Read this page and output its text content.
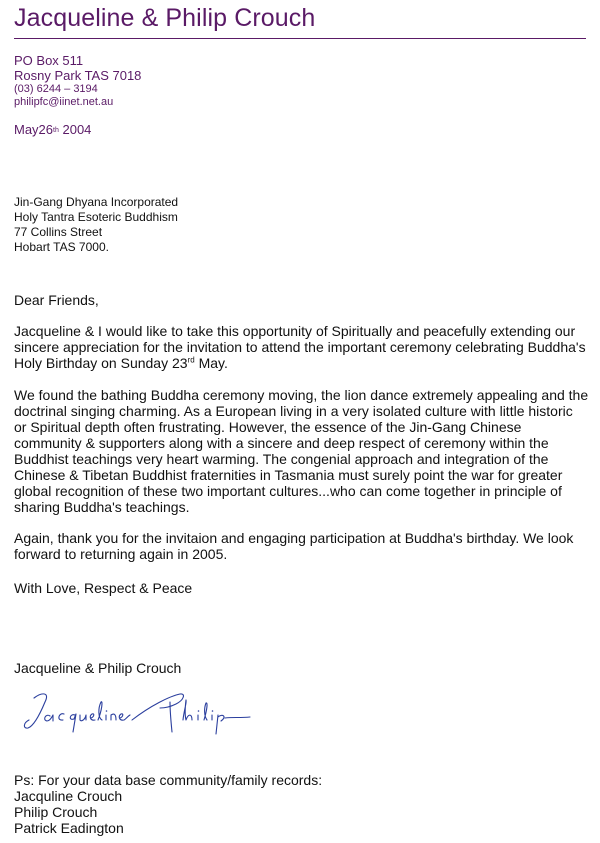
Jacqueline & Philip Crouch
PO Box 511
Rosny Park TAS 7018
(03) 6244 – 3194
philipfc@iinet.net.au
May26th 2004
Jin-Gang Dhyana Incorporated
Holy Tantra Esoteric Buddhism
77 Collins Street
Hobart TAS 7000.
Dear Friends,

Jacqueline & I would like to take this opportunity of Spiritually and peacefully extending our sincere appreciation for the invitation to attend the important ceremony celebrating Buddha's Holy Birthday on Sunday 23rd May.

We found the bathing Buddha ceremony moving, the lion dance extremely appealing and the doctrinal singing charming. As a European living in a very isolated culture with little historic or Spiritual depth often frustrating. However, the essence of the Jin-Gang Chinese community & supporters along with a sincere and deep respect of ceremony within the Buddhist teachings very heart warming. The congenial approach and integration of the Chinese & Tibetan Buddhist fraternities in Tasmania must surely point the war for greater global recognition of these two important cultures...who can come together in principle of sharing Buddha's teachings.
Again, thank you for the invitaion and engaging participation at Buddha's birthday. We look forward to returning again in 2005.
With Love, Respect & Peace
Jacqueline & Philip Crouch
Ps: For your data base community/family records:
Jacquline Crouch
Philip Crouch
Patrick Eadington
